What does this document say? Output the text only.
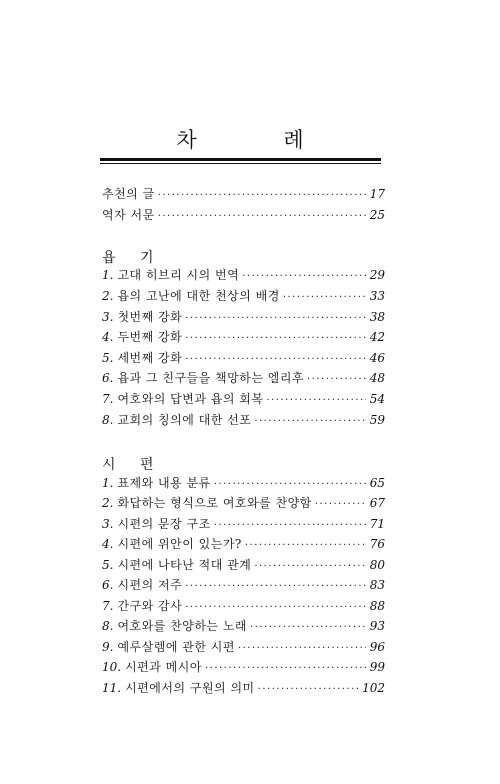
차 례
추천의 글 ·····	17
역자 서문 ·····	25
욥 기
1. 고대 히브리 시의 번역 ·····	29
2. 욥의 고난에 대한 천상의 배경 ·····	33
3. 첫번째 강화 ·····	38
4. 두번째 강화 ·····	42
5. 세번째 강화 ·····	46
6. 욥과 그 친구들을 책망하는 엘리후 ·····	48
7. 여호와의 답변과 욥의 회복 ·····	54
8. 교회의 칭의에 대한 선포 ·····	59
시 편
1. 표제와 내용 분류 ·····	65
2. 화답하는 형식으로 여호와를 찬양함 ·····	67
3. 시편의 문장 구조 ·····	71
4. 시편에 위안이 있는가? ·····	76
5. 시편에 나타난 적대 관계 ·····	80
6. 시편의 저주 ·····	83
7. 간구와 감사 ·····	88
8. 여호와를 찬양하는 노래 ·····	93
9. 예루살렘에 관한 시편 ·····	96
10. 시편과 메시아 ·····	99
11. 시편에서의 구원의 의미 ·····	102
